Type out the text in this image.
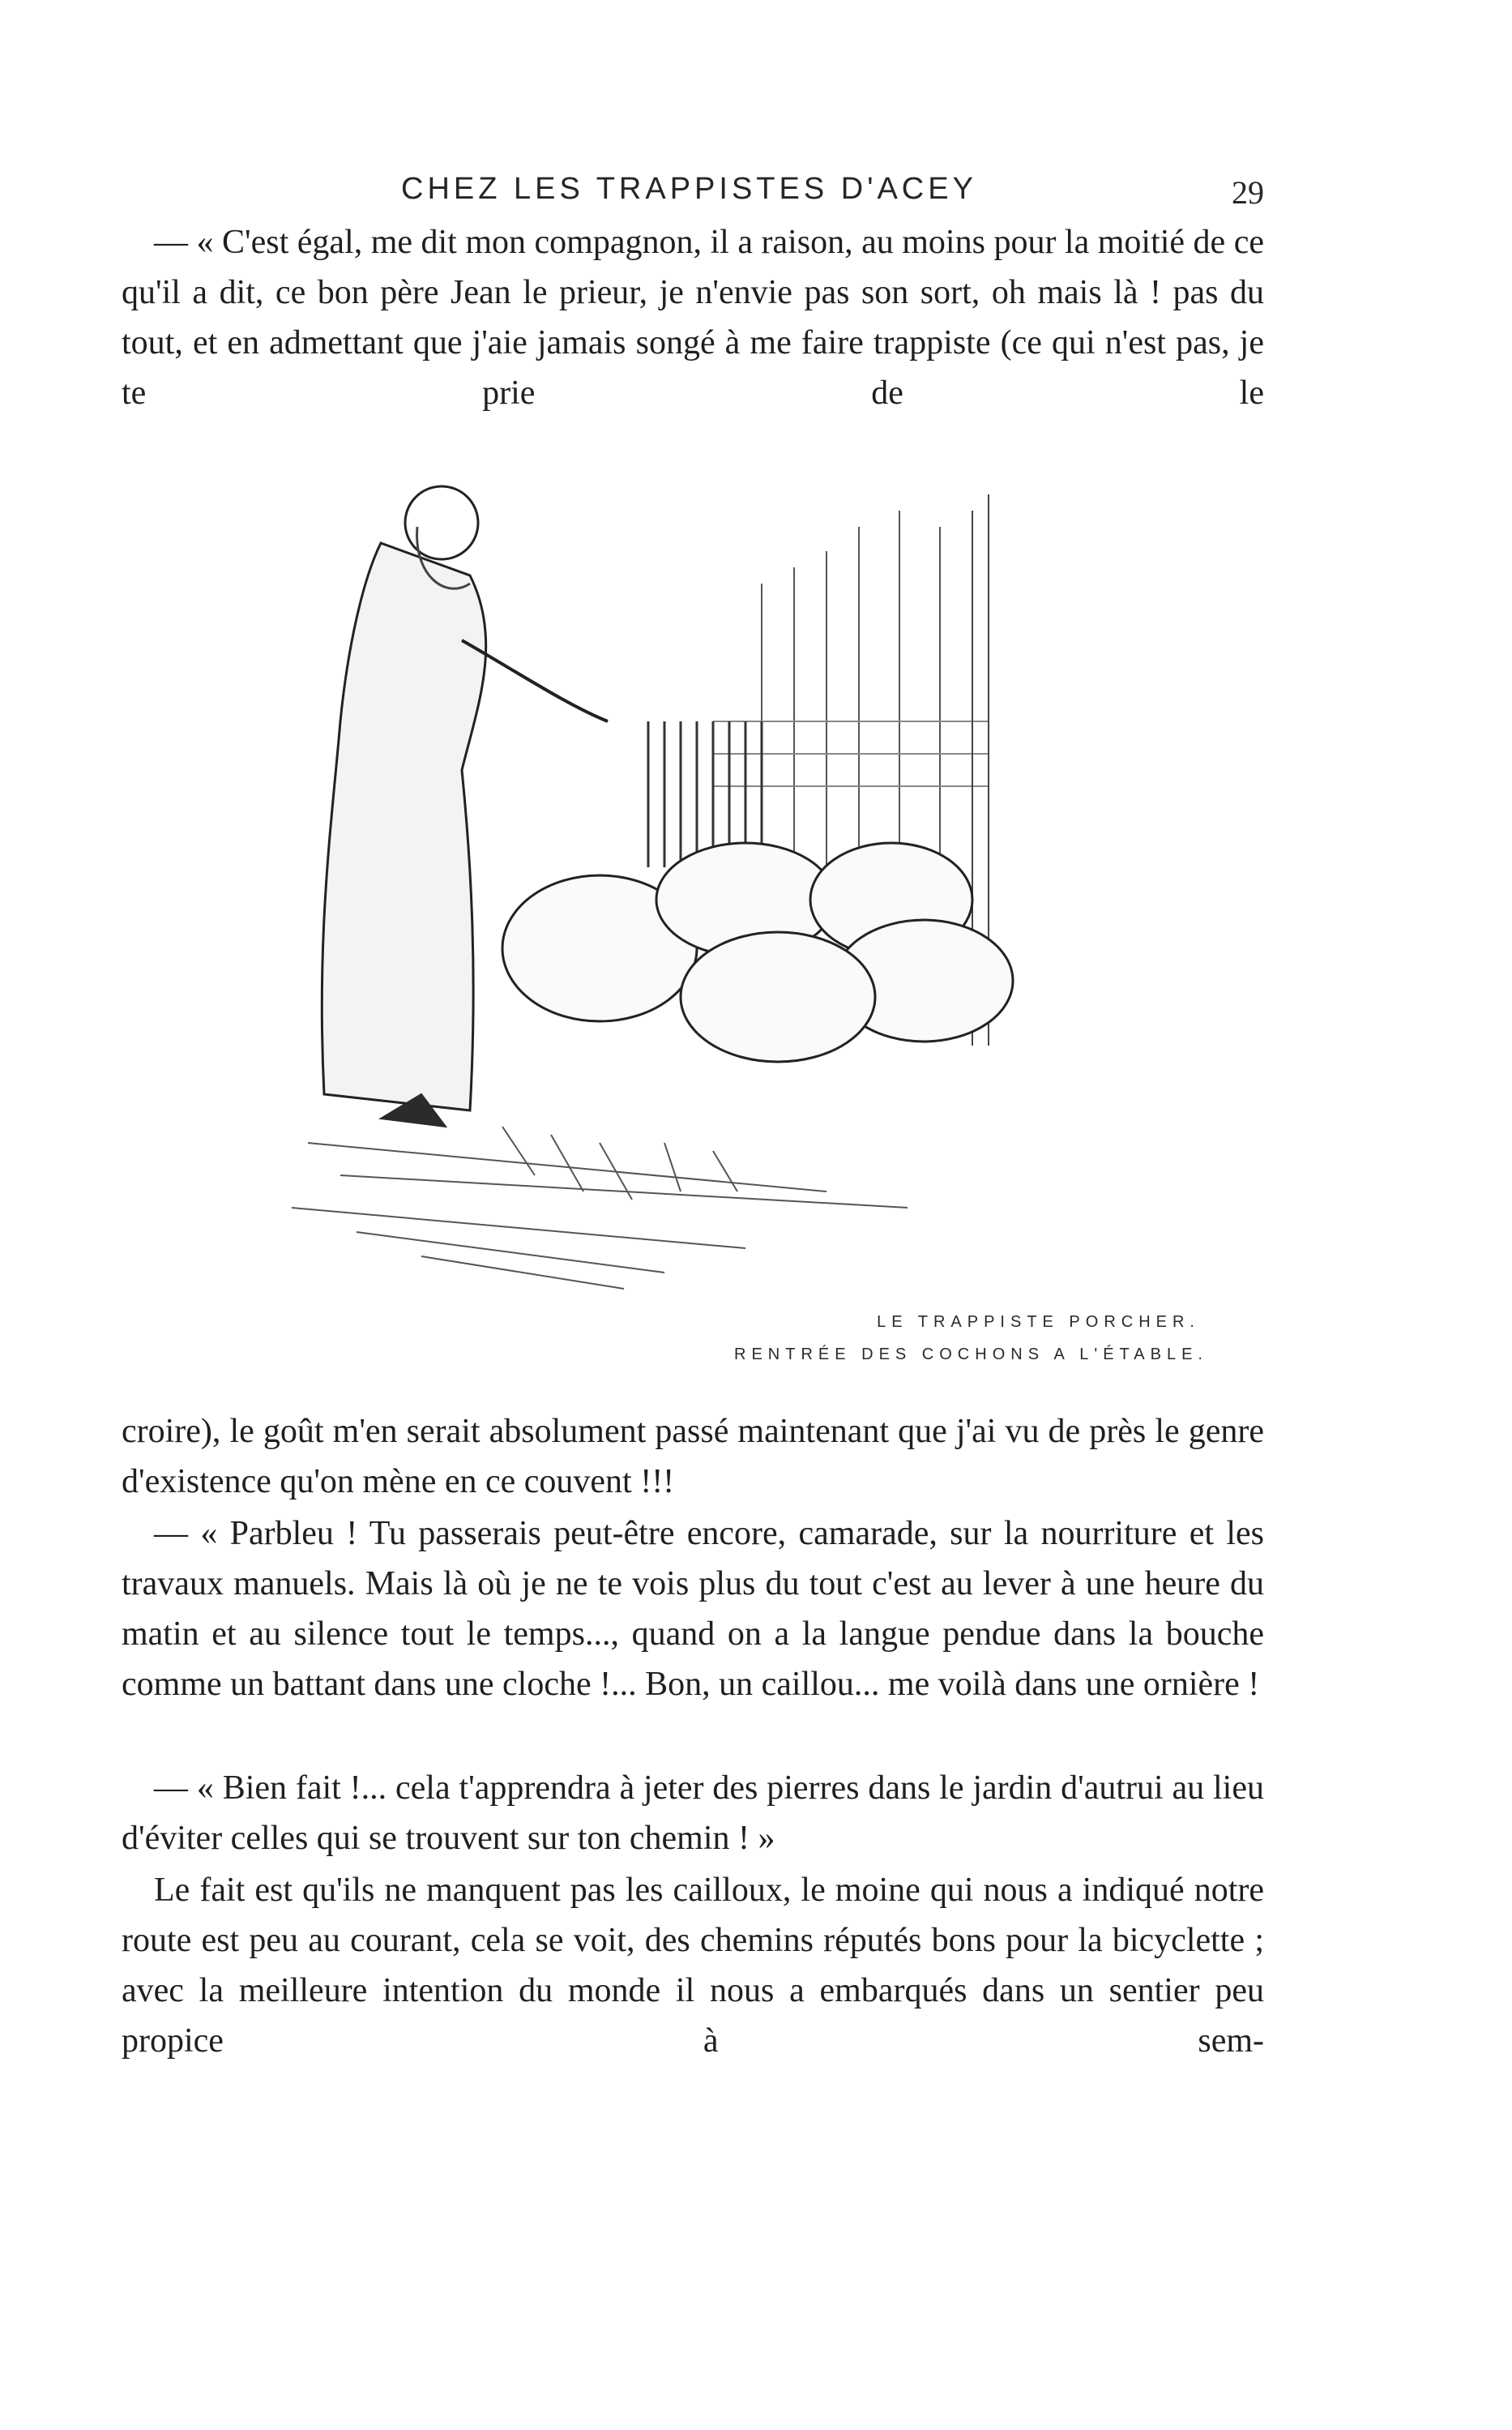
CHEZ LES TRAPPISTES D'ACEY	29

— « C'est égal, me dit mon compagnon, il a raison, au moins pour la moitié de ce qu'il a dit, ce bon père Jean le prieur, je n'envie pas son sort, oh mais là ! pas du tout, et en admettant que j'aie jamais songé à me faire trappiste (ce qui n'est pas, je te prie de le

LE TRAPPISTE PORCHER.
RENTRÉE DES COCHONS A L'ÉTABLE.

croire), le goût m'en serait absolument passé maintenant que j'ai vu de près le genre d'existence qu'on mène en ce couvent !!!

— « Parbleu ! Tu passerais peut-être encore, camarade, sur la nourriture et les travaux manuels. Mais là où je ne te vois plus du tout c'est au lever à une heure du matin et au silence tout le temps..., quand on a la langue pendue dans la bouche comme un battant dans une cloche !... Bon, un caillou... me voilà dans une ornière !

— « Bien fait !... cela t'apprendra à jeter des pierres dans le jardin d'autrui au lieu d'éviter celles qui se trouvent sur ton chemin ! »

Le fait est qu'ils ne manquent pas les cailloux, le moine qui nous a indiqué notre route est peu au courant, cela se voit, des chemins réputés bons pour la bicyclette ; avec la meilleure intention du monde il nous a embarqués dans un sentier peu propice à sem-
